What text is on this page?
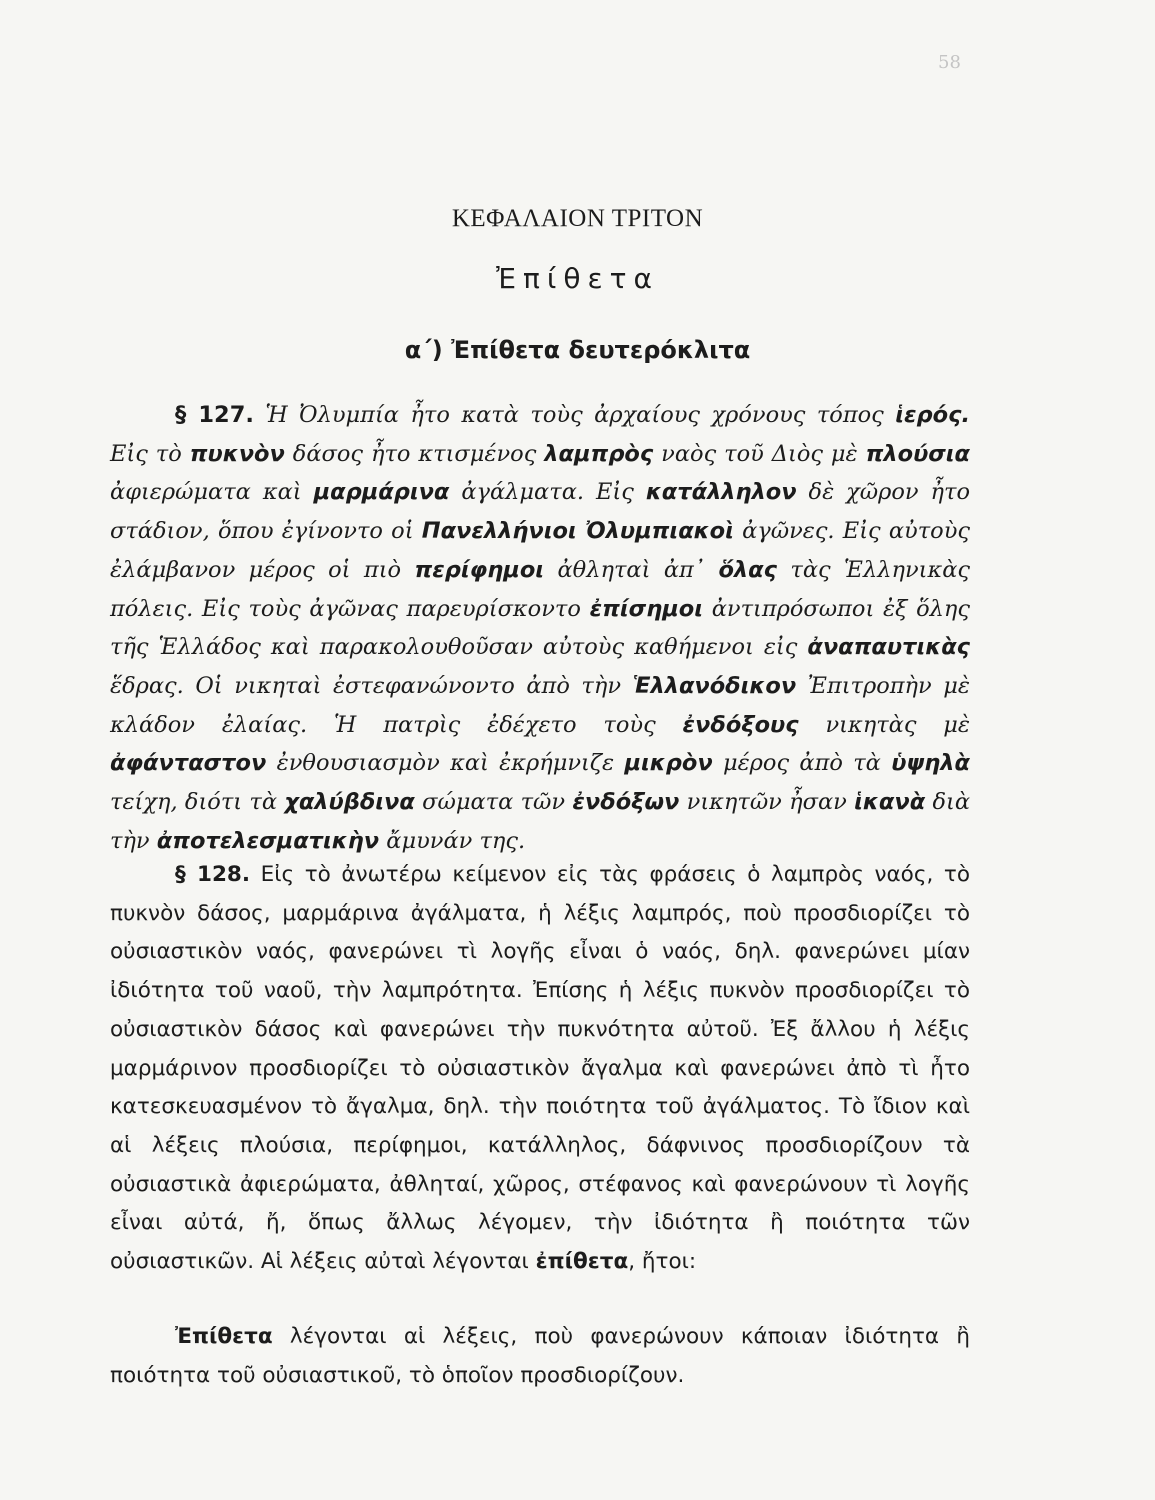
58
ΚΕΦΑΛΑΙΟΝ ΤΡΙΤΟΝ
Ἐπίθετα
α΄) Ἐπίθετα δευτερόκλιτα

§ 127. Ἡ Ὀλυμπία ἦτο κατὰ τοὺς ἀρχαίους χρόνους τόπος ἱερός. Εἰς τὸ πυκνὸν δάσος ἦτο κτισμένος λαμπρὸς ναὸς τοῦ Διὸς μὲ πλούσια ἀφιερώματα καὶ μαρμάρινα ἀγάλματα. Εἰς κατάλληλον δὲ χῶρον ἦτο στάδιον, ὅπου ἐγίνοντο οἱ Πανελλήνιοι Ὀλυμπιακοὶ ἀγῶνες. Εἰς αὐτοὺς ἐλάμβανον μέρος οἱ πιὸ περίφημοι ἀθληταὶ ἀπ᾽ ὅλας τὰς Ἑλληνικὰς πόλεις. Εἰς τοὺς ἀγῶνας παρευρίσκοντο ἐπίσημοι ἀντιπρόσωποι ἐξ ὅλης τῆς Ἑλλάδος καὶ παρακολουθοῦσαν αὐτοὺς καθήμενοι εἰς ἀναπαυτικὰς ἕδρας. Οἱ νικηταὶ ἐστεφανώνοντο ἀπὸ τὴν Ἑλλανόδικον Ἐπιτροπὴν μὲ κλάδον ἐλαίας. Ἡ πατρὶς ἐδέχετο τοὺς ἐνδόξους νικητὰς μὲ ἀφάνταστον ἐνθουσιασμὸν καὶ ἐκρήμνιζε μικρὸν μέρος ἀπὸ τὰ ὑψηλὰ τείχη, διότι τὰ χαλύβδινα σώματα τῶν ἐνδόξων νικητῶν ἦσαν ἱκανὰ διὰ τὴν ἀποτελεσματικὴν ἄμυνάν της.

§ 128. Εἰς τὸ ἀνωτέρω κείμενον εἰς τὰς φράσεις ὁ λαμπρὸς ναός, τὸ πυκνὸν δάσος, μαρμάρινα ἀγάλματα, ἡ λέξις λαμπρός, ποὺ προσδιορίζει τὸ οὐσιαστικὸν ναός, φανερώνει τὶ λογῆς εἶναι ὁ ναός, δηλ. φανερώνει μίαν ἰδιότητα τοῦ ναοῦ, τὴν λαμπρότητα. Ἐπίσης ἡ λέξις πυκνὸν προσδιορίζει τὸ οὐσιαστικὸν δάσος καὶ φανερώνει τὴν πυκνότητα αὐτοῦ. Ἐξ ἄλλου ἡ λέξις μαρμάρινον προσδιορίζει τὸ οὐσιαστικὸν ἄγαλμα καὶ φανερώνει ἀπὸ τὶ ἦτο κατεσκευασμένον τὸ ἄγαλμα, δηλ. τὴν ποιότητα τοῦ ἀγάλματος. Τὸ ἴδιον καὶ αἱ λέξεις πλούσια, περίφημοι, κατάλληλος, δάφνινος προσδιορίζουν τὰ οὐσιαστικὰ ἀφιερώματα, ἀθληταί, χῶρος, στέφανος καὶ φανερώνουν τὶ λογῆς εἶναι αὐτά, ἤ, ὅπως ἄλλως λέγομεν, τὴν ἰδιότητα ἢ ποιότητα τῶν οὐσιαστικῶν. Αἱ λέξεις αὐταὶ λέγονται ἐπίθετα, ἤτοι:

Ἐπίθετα λέγονται αἱ λέξεις, ποὺ φανερώνουν κάποιαν ἰδιότητα ἢ ποιότητα τοῦ οὐσιαστικοῦ, τὸ ὁποῖον προσδιορίζουν.
